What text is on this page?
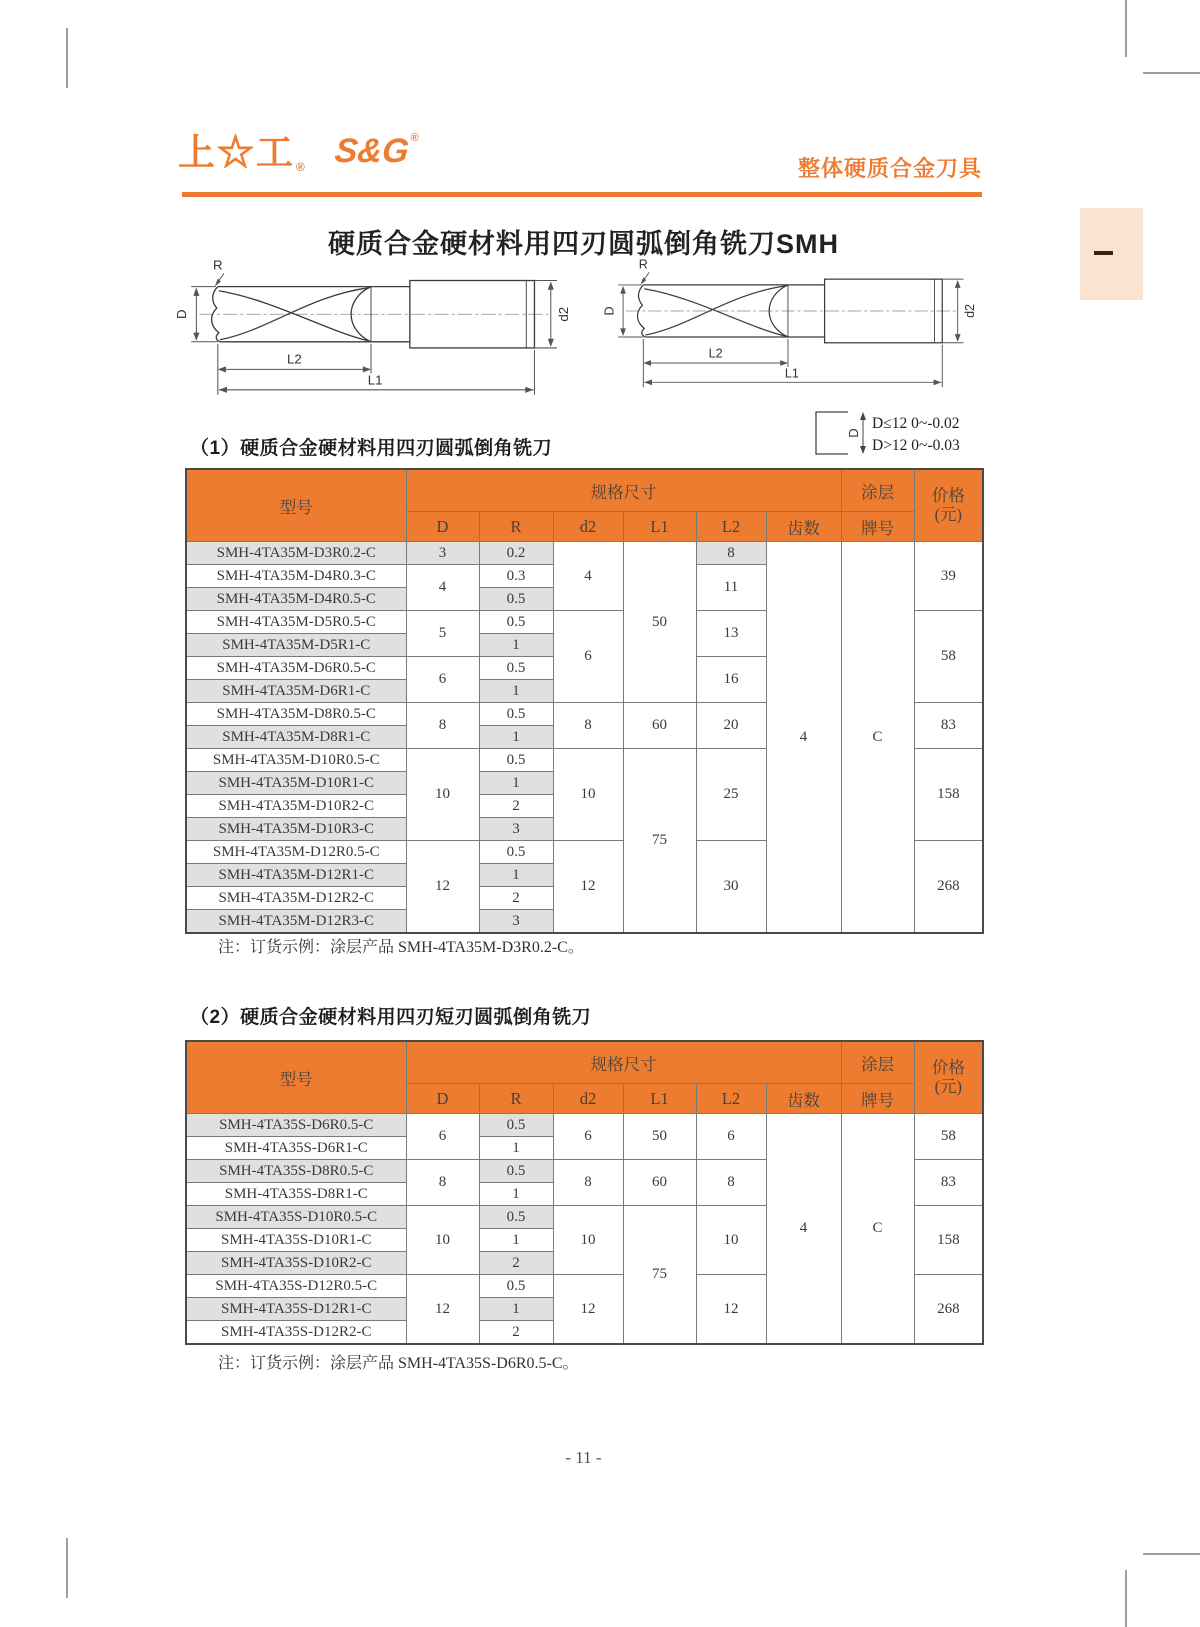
上☆工 ® S&G ®
整体硬质合金刀具
硬质合金硬材料用四刃圆弧倒角铣刀SMH
R
D	d2
L2
L1
R
D	d2
L2
L1
D
D≤12 0~-0.02
D>12 0~-0.03
（1）硬质合金硬材料用四刃圆弧倒角铣刀
型号	规格尺寸						涂层	价格
(元)

	D	R	d2	L1	L2	齿数	牌号	
SMH-4TA35M-D3R0.2-C	3	0.2	4	50	8	4	C	39
SMH-4TA35M-D4R0.3-C	4	0.3			11			
SMH-4TA35M-D4R0.5-C		0.5						
SMH-4TA35M-D5R0.5-C	5	0.5	6		13			58
SMH-4TA35M-D5R1-C		1						
SMH-4TA35M-D6R0.5-C	6	0.5			16			
SMH-4TA35M-D6R1-C		1						
SMH-4TA35M-D8R0.5-C	8	0.5	8	60	20			83
SMH-4TA35M-D8R1-C		1						
SMH-4TA35M-D10R0.5-C	10	0.5	10	75	25			158
SMH-4TA35M-D10R1-C		1						
SMH-4TA35M-D10R2-C		2						
SMH-4TA35M-D10R3-C		3						
SMH-4TA35M-D12R0.5-C	12	0.5	12		30			268
SMH-4TA35M-D12R1-C		1						
SMH-4TA35M-D12R2-C		2						
SMH-4TA35M-D12R3-C		3						
注：订货示例：涂层产品 SMH-4TA35M-D3R0.2-C。
（2）硬质合金硬材料用四刃短刃圆弧倒角铣刀
型号	规格尺寸						涂层	价格
(元)

	D	R	d2	L1	L2	齿数	牌号	
SMH-4TA35S-D6R0.5-C	6	0.5	6	50	6	4	C	58
SMH-4TA35S-D6R1-C		1						
SMH-4TA35S-D8R0.5-C	8	0.5	8	60	8			83
SMH-4TA35S-D8R1-C		1						
SMH-4TA35S-D10R0.5-C	10	0.5	10	75	10			158
SMH-4TA35S-D10R1-C		1						
SMH-4TA35S-D10R2-C		2						
SMH-4TA35S-D12R0.5-C	12	0.5	12		12			268
SMH-4TA35S-D12R1-C		1						
SMH-4TA35S-D12R2-C		2						
注：订货示例：涂层产品 SMH-4TA35S-D6R0.5-C。
- 11 -
